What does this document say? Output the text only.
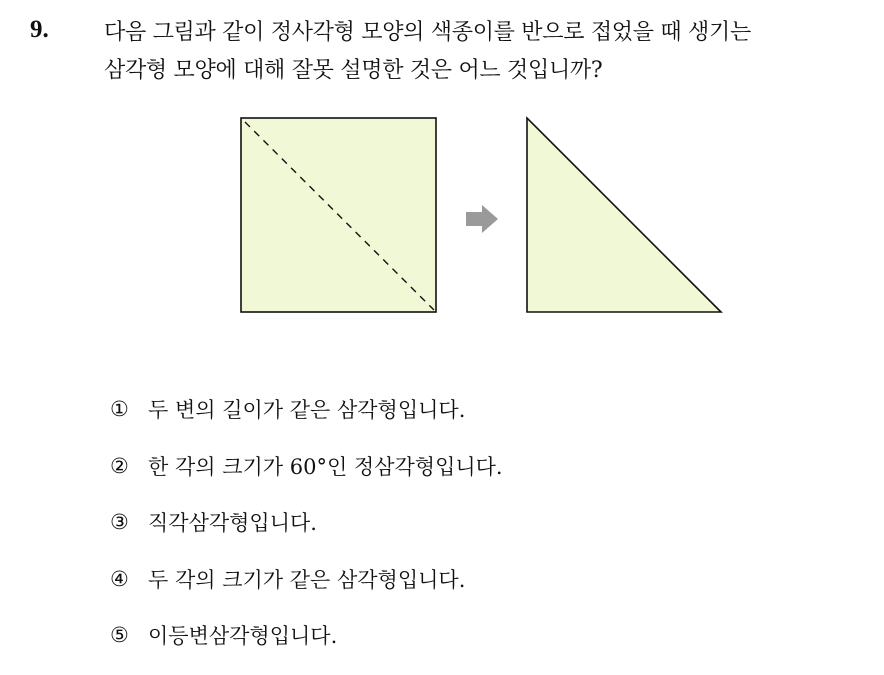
9.	다음 그림과 같이 정사각형 모양의 색종이를 반으로 접었을 때 생기는
삼각형 모양에 대해 잘못 설명한 것은 어느 것입니까?
① 두 변의 길이가 같은 삼각형입니다.
② 한 각의 크기가 60°인 정삼각형입니다.
③ 직각삼각형입니다.
④ 두 각의 크기가 같은 삼각형입니다.
⑤ 이등변삼각형입니다.
